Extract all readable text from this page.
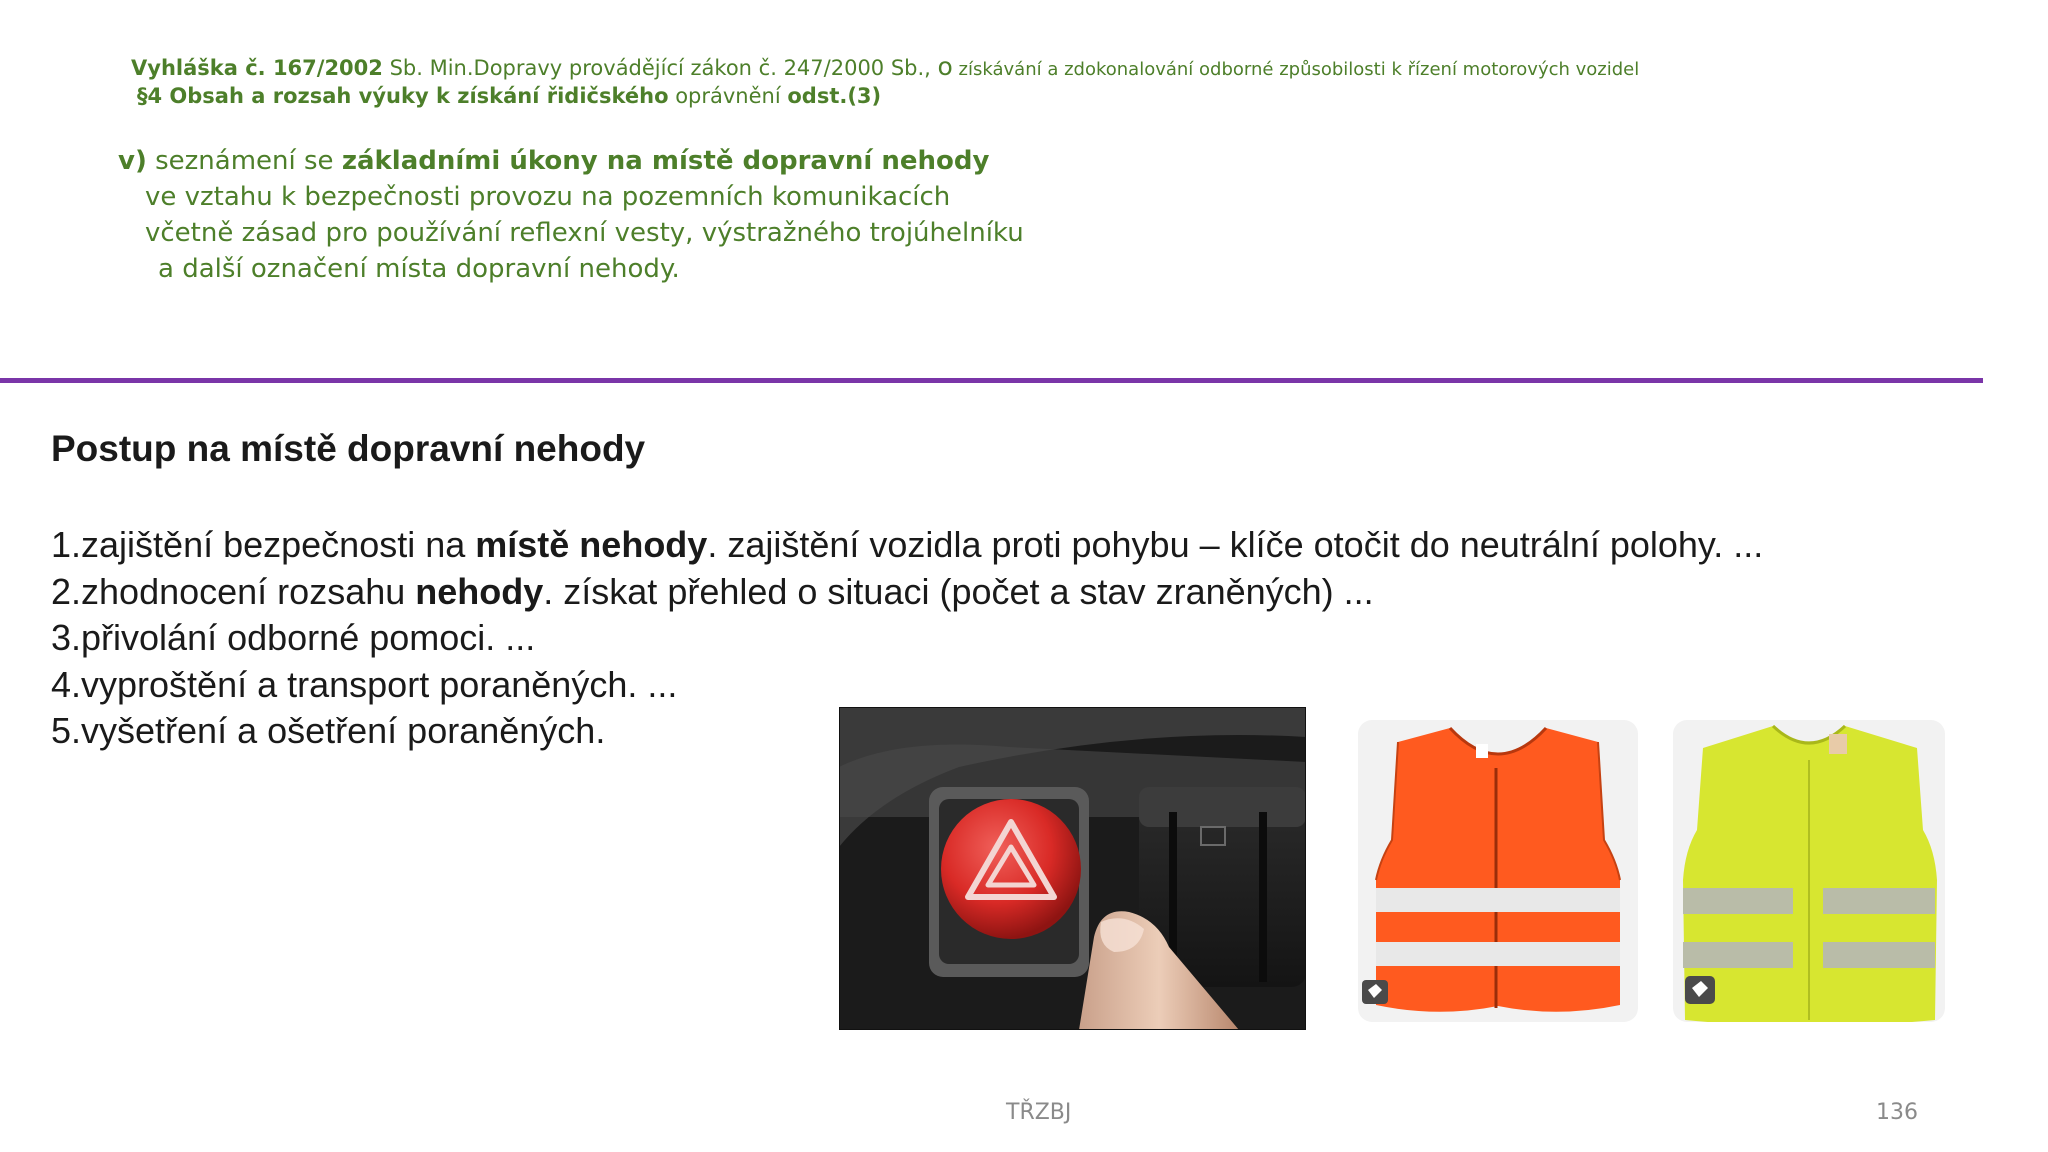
Vyhláška č. 167/2002 Sb. Min.Dopravy provádějící zákon č. 247/2000 Sb., o získávání a zdokonalování odborné způsobilosti k řízení motorových vozidel
§4 Obsah a rozsah výuky k získání řidičského oprávnění odst.(3)
v) seznámení se základními úkony na místě dopravní nehody
ve vztahu k bezpečnosti provozu na pozemních komunikacích
včetně zásad pro používání reflexní vesty, výstražného trojúhelníku
a další označení místa dopravní nehody.
Postup na místě dopravní nehody
1.zajištění bezpečnosti na místě nehody. zajištění vozidla proti pohybu – klíče otočit do neutrální polohy. ...
2.zhodnocení rozsahu nehody. získat přehled o situaci (počet a stav zraněných) ...
3.přivolání odborné pomoci. ...
4.vyproštění a transport poraněných. ...
5.vyšetření a ošetření poraněných.
TŘZBJ	136
